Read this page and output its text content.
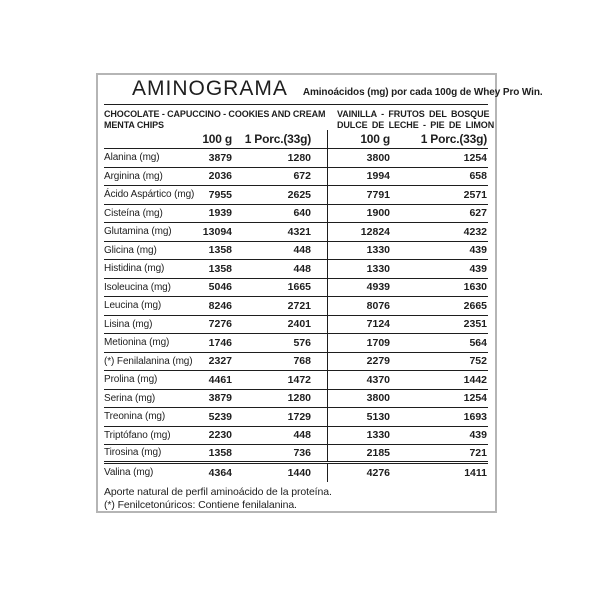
AMINOGRAMA Aminoácidos (mg) por cada 100g de Whey Pro Win.
CHOCOLATE - CAPUCCINO - COOKIES AND CREAM
MENTA CHIPS
VAINILLA - FRUTOS DEL BOSQUE
DULCE DE LECHE - PIE DE LIMON
100 g	1 Porc.(33g)	100 g	1 Porc.(33g)
Alanina (mg)	3879	1280	3800	1254
Arginina (mg)	2036	672	1994	658
Ácido Aspártico (mg)	7955	2625	7791	2571
Cisteína (mg)	1939	640	1900	627
Glutamina (mg)	13094	4321	12824	4232
Glicina (mg)	1358	448	1330	439
Histidina (mg)	1358	448	1330	439
Isoleucina (mg)	5046	1665	4939	1630
Leucina (mg)	8246	2721	8076	2665
Lisina (mg)	7276	2401	7124	2351
Metionina (mg)	1746	576	1709	564
(*) Fenilalanina (mg)	2327	768	2279	752
Prolina (mg)	4461	1472	4370	1442
Serina (mg)	3879	1280	3800	1254
Treonina (mg)	5239	1729	5130	1693
Triptófano (mg)	2230	448	1330	439
Tirosina (mg)	1358	736	2185	721
Valina (mg)	4364	1440	4276	1411
Aporte natural de perfil aminoácido de la proteína.
(*) Fenilcetonúricos: Contiene fenilalanina.
